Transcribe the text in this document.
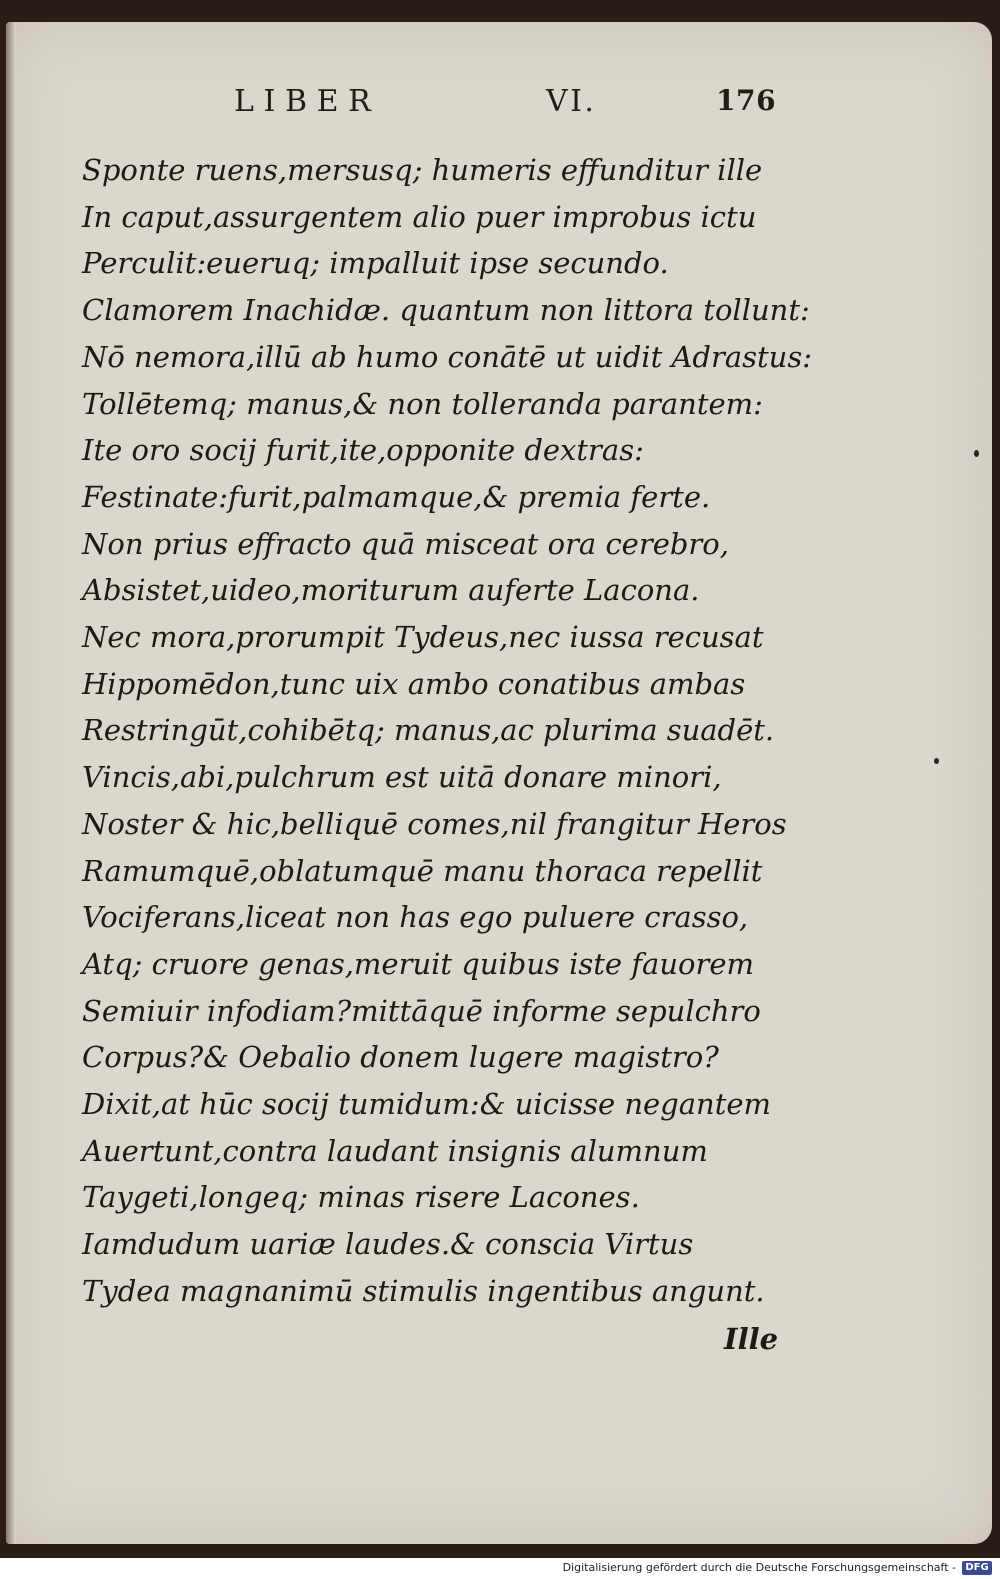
LIBER	VI.	176
Sponte ruens,mersusq; humeris effunditur ille
In caput,assurgentem alio puer improbus ictu
Perculit:eueruq; impalluit ipse secundo.
Clamorem Inachidæ. quantum non littora tollunt:
Nō nemora,illū ab humo conātē ut uidit Adrastus:
Tollētemq; manus,& non tolleranda parantem:
Ite oro socij furit,ite,opponite dextras:
Festinate:furit,palmamque,& premia ferte.
Non prius effracto quā misceat ora cerebro,
Absistet,uideo,moriturum auferte Lacona.
Nec mora,prorumpit Tydeus,nec iussa recusat
Hippomēdon,tunc uix ambo conatibus ambas
Restringūt,cohibētq; manus,ac plurima suadēt.
Vincis,abi,pulchrum est uitā donare minori,
Noster & hic,belliquē comes,nil frangitur Heros
Ramumquē,oblatumquē manu thoraca repellit
Vociferans,liceat non has ego puluere crasso,
Atq; cruore genas,meruit quibus iste fauorem
Semiuir infodiam?mittāquē informe sepulchro
Corpus?& Oebalio donem lugere magistro?
Dixit,at hūc socij tumidum:& uicisse negantem
Auertunt,contra laudant insignis alumnum
Taygeti,longeq; minas risere Lacones.
Iamdudum uariæ laudes.& conscia Virtus
Tydea magnanimū stimulis ingentibus angunt.
Ille
Digitalisierung gefördert durch die Deutsche Forschungsgemeinschaft - DFG
